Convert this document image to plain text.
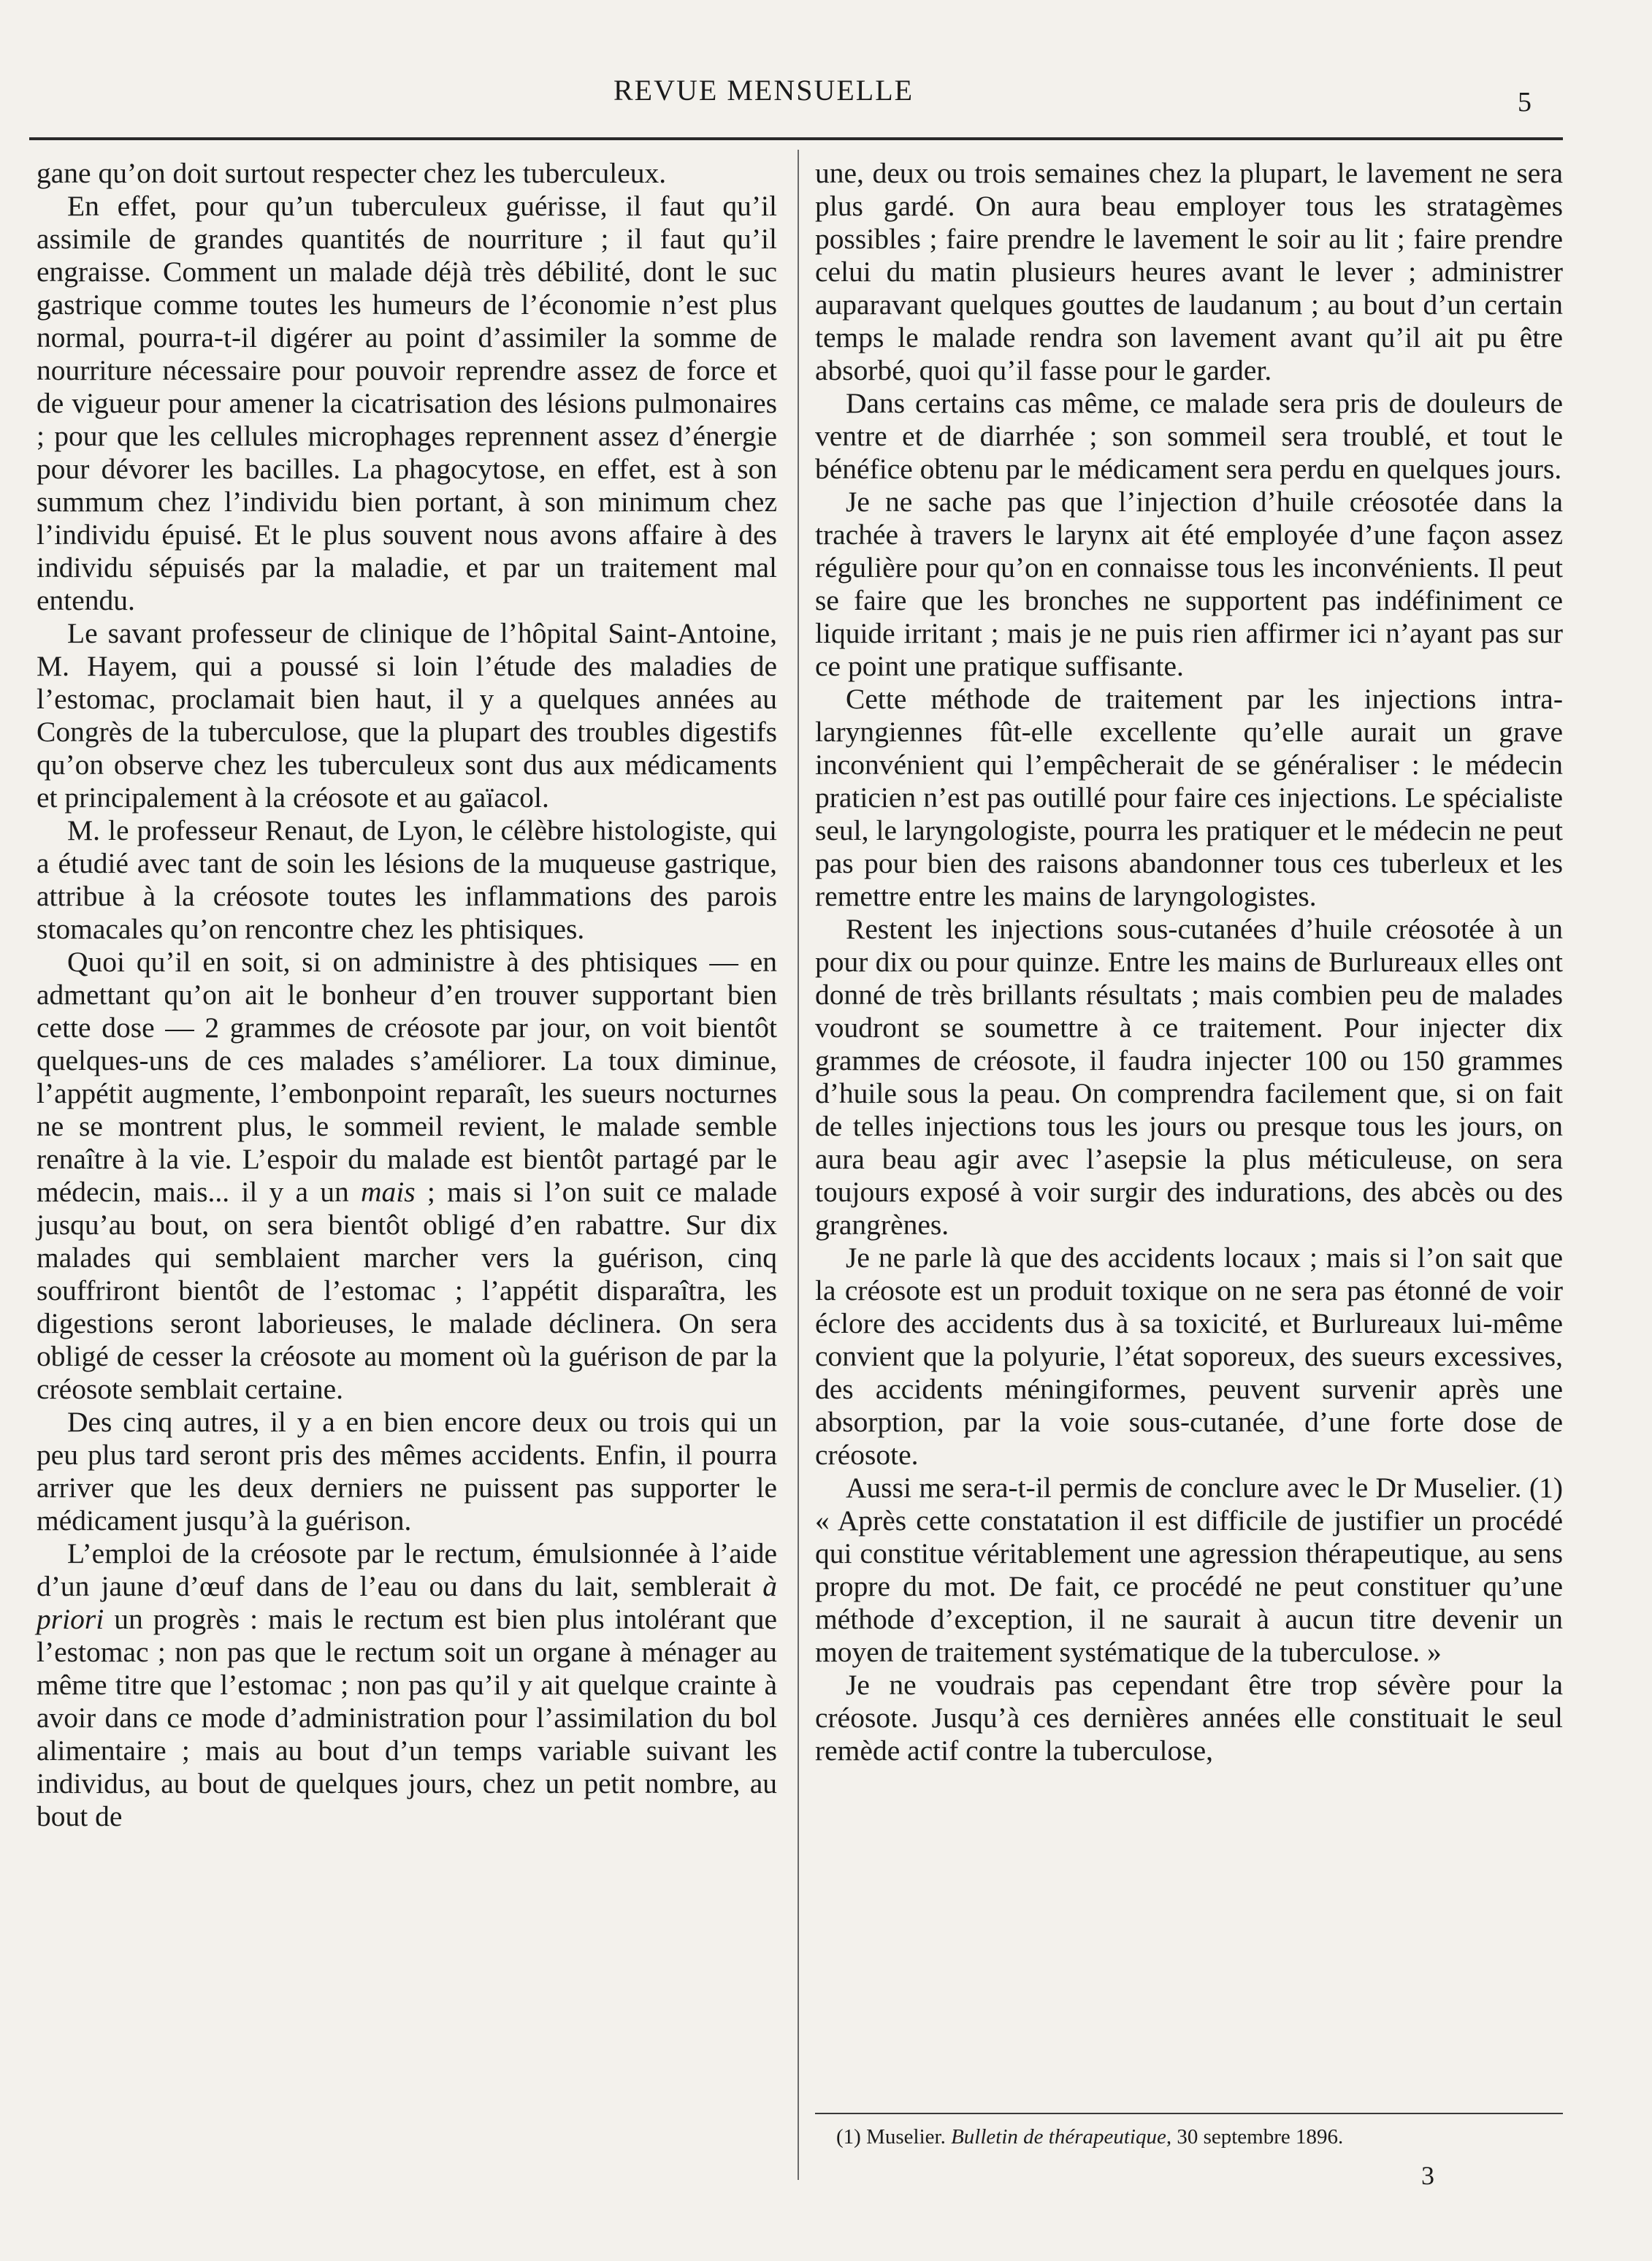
REVUE MENSUELLE	5

gane qu’on doit surtout respecter chez les tuberculeux.

En effet, pour qu’un tuberculeux guérisse, il faut qu’il assimile de grandes quantités de nourriture ; il faut qu’il engraisse. Comment un malade déjà très débilité, dont le suc gastrique comme toutes les humeurs de l’économie n’est plus normal, pourra-t-il digérer au point d’assimiler la somme de nourriture nécessaire pour pouvoir reprendre assez de force et de vigueur pour amener la cicatrisation des lésions pulmonaires ; pour que les cellules microphages reprennent assez d’énergie pour dévorer les bacilles. La phagocytose, en effet, est à son summum chez l’individu bien portant, à son minimum chez l’individu épuisé. Et le plus souvent nous avons affaire à des individu sépuisés par la maladie, et par un traitement mal entendu.

Le savant professeur de clinique de l’hôpital Saint-Antoine, M. Hayem, qui a poussé si loin l’étude des maladies de l’estomac, proclamait bien haut, il y a quelques années au Congrès de la tuberculose, que la plupart des troubles digestifs qu’on observe chez les tuberculeux sont dus aux médicaments et principalement à la créosote et au gaïacol.

M. le professeur Renaut, de Lyon, le célèbre histologiste, qui a étudié avec tant de soin les lésions de la muqueuse gastrique, attribue à la créosote toutes les inflammations des parois stomacales qu’on rencontre chez les phtisiques.

Quoi qu’il en soit, si on administre à des phtisiques — en admettant qu’on ait le bonheur d’en trouver supportant bien cette dose — 2 grammes de créosote par jour, on voit bientôt quelques-uns de ces malades s’améliorer. La toux diminue, l’appétit augmente, l’embonpoint reparaît, les sueurs nocturnes ne se montrent plus, le sommeil revient, le malade semble renaître à la vie. L’espoir du malade est bientôt partagé par le médecin, mais... il y a un mais ; mais si l’on suit ce malade jusqu’au bout, on sera bientôt obligé d’en rabattre. Sur dix malades qui semblaient marcher vers la guérison, cinq souffriront bientôt de l’estomac ; l’appétit disparaîtra, les digestions seront laborieuses, le malade déclinera. On sera obligé de cesser la créosote au moment où la guérison de par la créosote semblait certaine.

Des cinq autres, il y a en bien encore deux ou trois qui un peu plus tard seront pris des mêmes accidents. Enfin, il pourra arriver que les deux derniers ne puissent pas supporter le médicament jusqu’à la guérison.

L’emploi de la créosote par le rectum, émulsionnée à l’aide d’un jaune d’œuf dans de l’eau ou dans du lait, semblerait à priori un progrès : mais le rectum est bien plus intolérant que l’estomac ; non pas que le rectum soit un organe à ménager au même titre que l’estomac ; non pas qu’il y ait quelque crainte à avoir dans ce mode d’administration pour l’assimilation du bol alimentaire ; mais au bout d’un temps variable suivant les individus, au bout de quelques jours, chez un petit nombre, au bout de

une, deux ou trois semaines chez la plupart, le lavement ne sera plus gardé. On aura beau employer tous les stratagèmes possibles ; faire prendre le lavement le soir au lit ; faire prendre celui du matin plusieurs heures avant le lever ; administrer auparavant quelques gouttes de laudanum ; au bout d’un certain temps le malade rendra son lavement avant qu’il ait pu être absorbé, quoi qu’il fasse pour le garder.

Dans certains cas même, ce malade sera pris de douleurs de ventre et de diarrhée ; son sommeil sera troublé, et tout le bénéfice obtenu par le médicament sera perdu en quelques jours.

Je ne sache pas que l’injection d’huile créosotée dans la trachée à travers le larynx ait été employée d’une façon assez régulière pour qu’on en connaisse tous les inconvénients. Il peut se faire que les bronches ne supportent pas indéfiniment ce liquide irritant ; mais je ne puis rien affirmer ici n’ayant pas sur ce point une pratique suffisante.

Cette méthode de traitement par les injections intra-laryngiennes fût-elle excellente qu’elle aurait un grave inconvénient qui l’empêcherait de se généraliser : le médecin praticien n’est pas outillé pour faire ces injections. Le spécialiste seul, le laryngologiste, pourra les pratiquer et le médecin ne peut pas pour bien des raisons abandonner tous ces tuberleux et les remettre entre les mains de laryngologistes.

Restent les injections sous-cutanées d’huile créosotée à un pour dix ou pour quinze. Entre les mains de Burlureaux elles ont donné de très brillants résultats ; mais combien peu de malades voudront se soumettre à ce traitement. Pour injecter dix grammes de créosote, il faudra injecter 100 ou 150 grammes d’huile sous la peau. On comprendra facilement que, si on fait de telles injections tous les jours ou presque tous les jours, on aura beau agir avec l’asepsie la plus méticuleuse, on sera toujours exposé à voir surgir des indurations, des abcès ou des grangrènes.

Je ne parle là que des accidents locaux ; mais si l’on sait que la créosote est un produit toxique on ne sera pas étonné de voir éclore des accidents dus à sa toxicité, et Burlureaux lui-même convient que la polyurie, l’état soporeux, des sueurs excessives, des accidents méningiformes, peuvent survenir après une absorption, par la voie sous-cutanée, d’une forte dose de créosote.

Aussi me sera-t-il permis de conclure avec le Dr Muselier. (1) « Après cette constatation il est difficile de justifier un procédé qui constitue véritablement une agression thérapeutique, au sens propre du mot. De fait, ce procédé ne peut constituer qu’une méthode d’exception, il ne saurait à aucun titre devenir un moyen de traitement systématique de la tuberculose. »

Je ne voudrais pas cependant être trop sévère pour la créosote. Jusqu’à ces dernières années elle constituait le seul remède actif contre la tuberculose,

(1) Muselier. Bulletin de thérapeutique, 30 septembre 1896.
3
